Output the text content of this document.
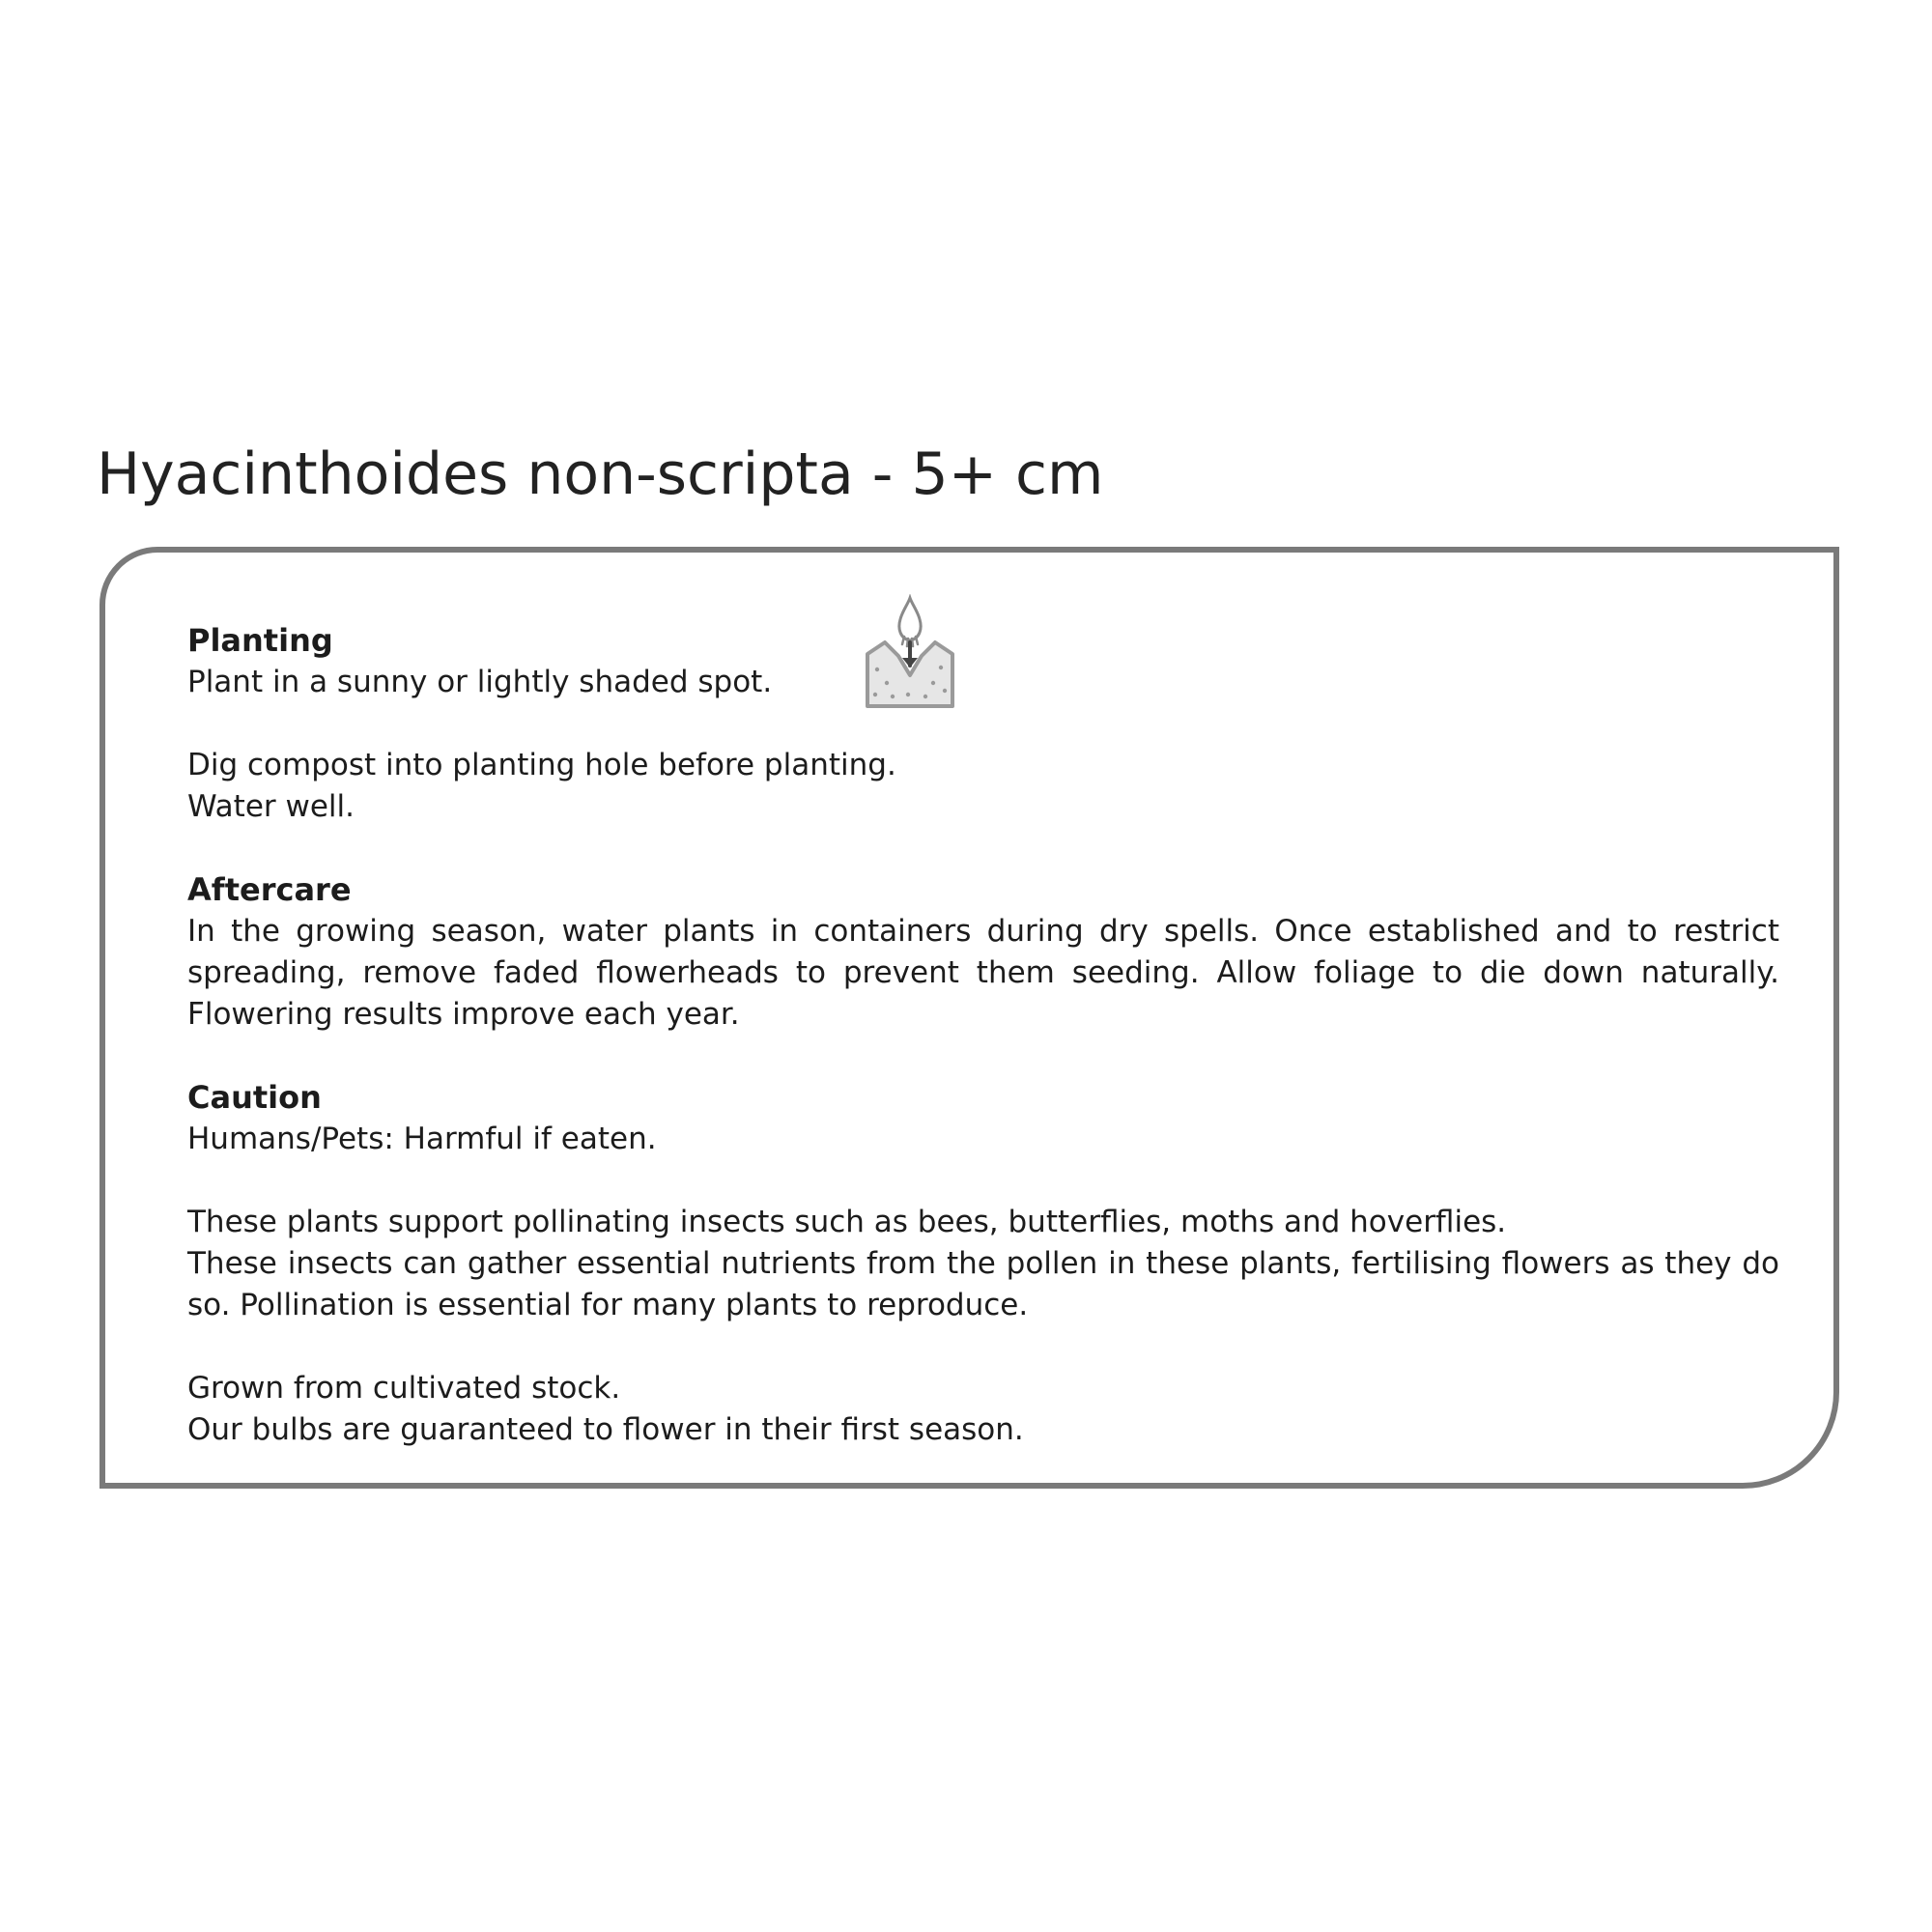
Hyacinthoides non-scripta - 5+ cm
Planting
Plant in a sunny or lightly shaded spot.
Dig compost into planting hole before planting.
Water well.
Aftercare
In the growing season, water plants in containers during dry spells. Once established and to restrict spreading, remove faded flowerheads to prevent them seeding. Allow foliage to die down naturally. Flowering results improve each year.
Caution
Humans/Pets: Harmful if eaten.
These plants support pollinating insects such as bees, butterflies, moths and hoverflies.
These insects can gather essential nutrients from the pollen in these plants, fertilising flowers as they do so. Pollination is essential for many plants to reproduce.
Grown from cultivated stock.
Our bulbs are guaranteed to flower in their first season.
